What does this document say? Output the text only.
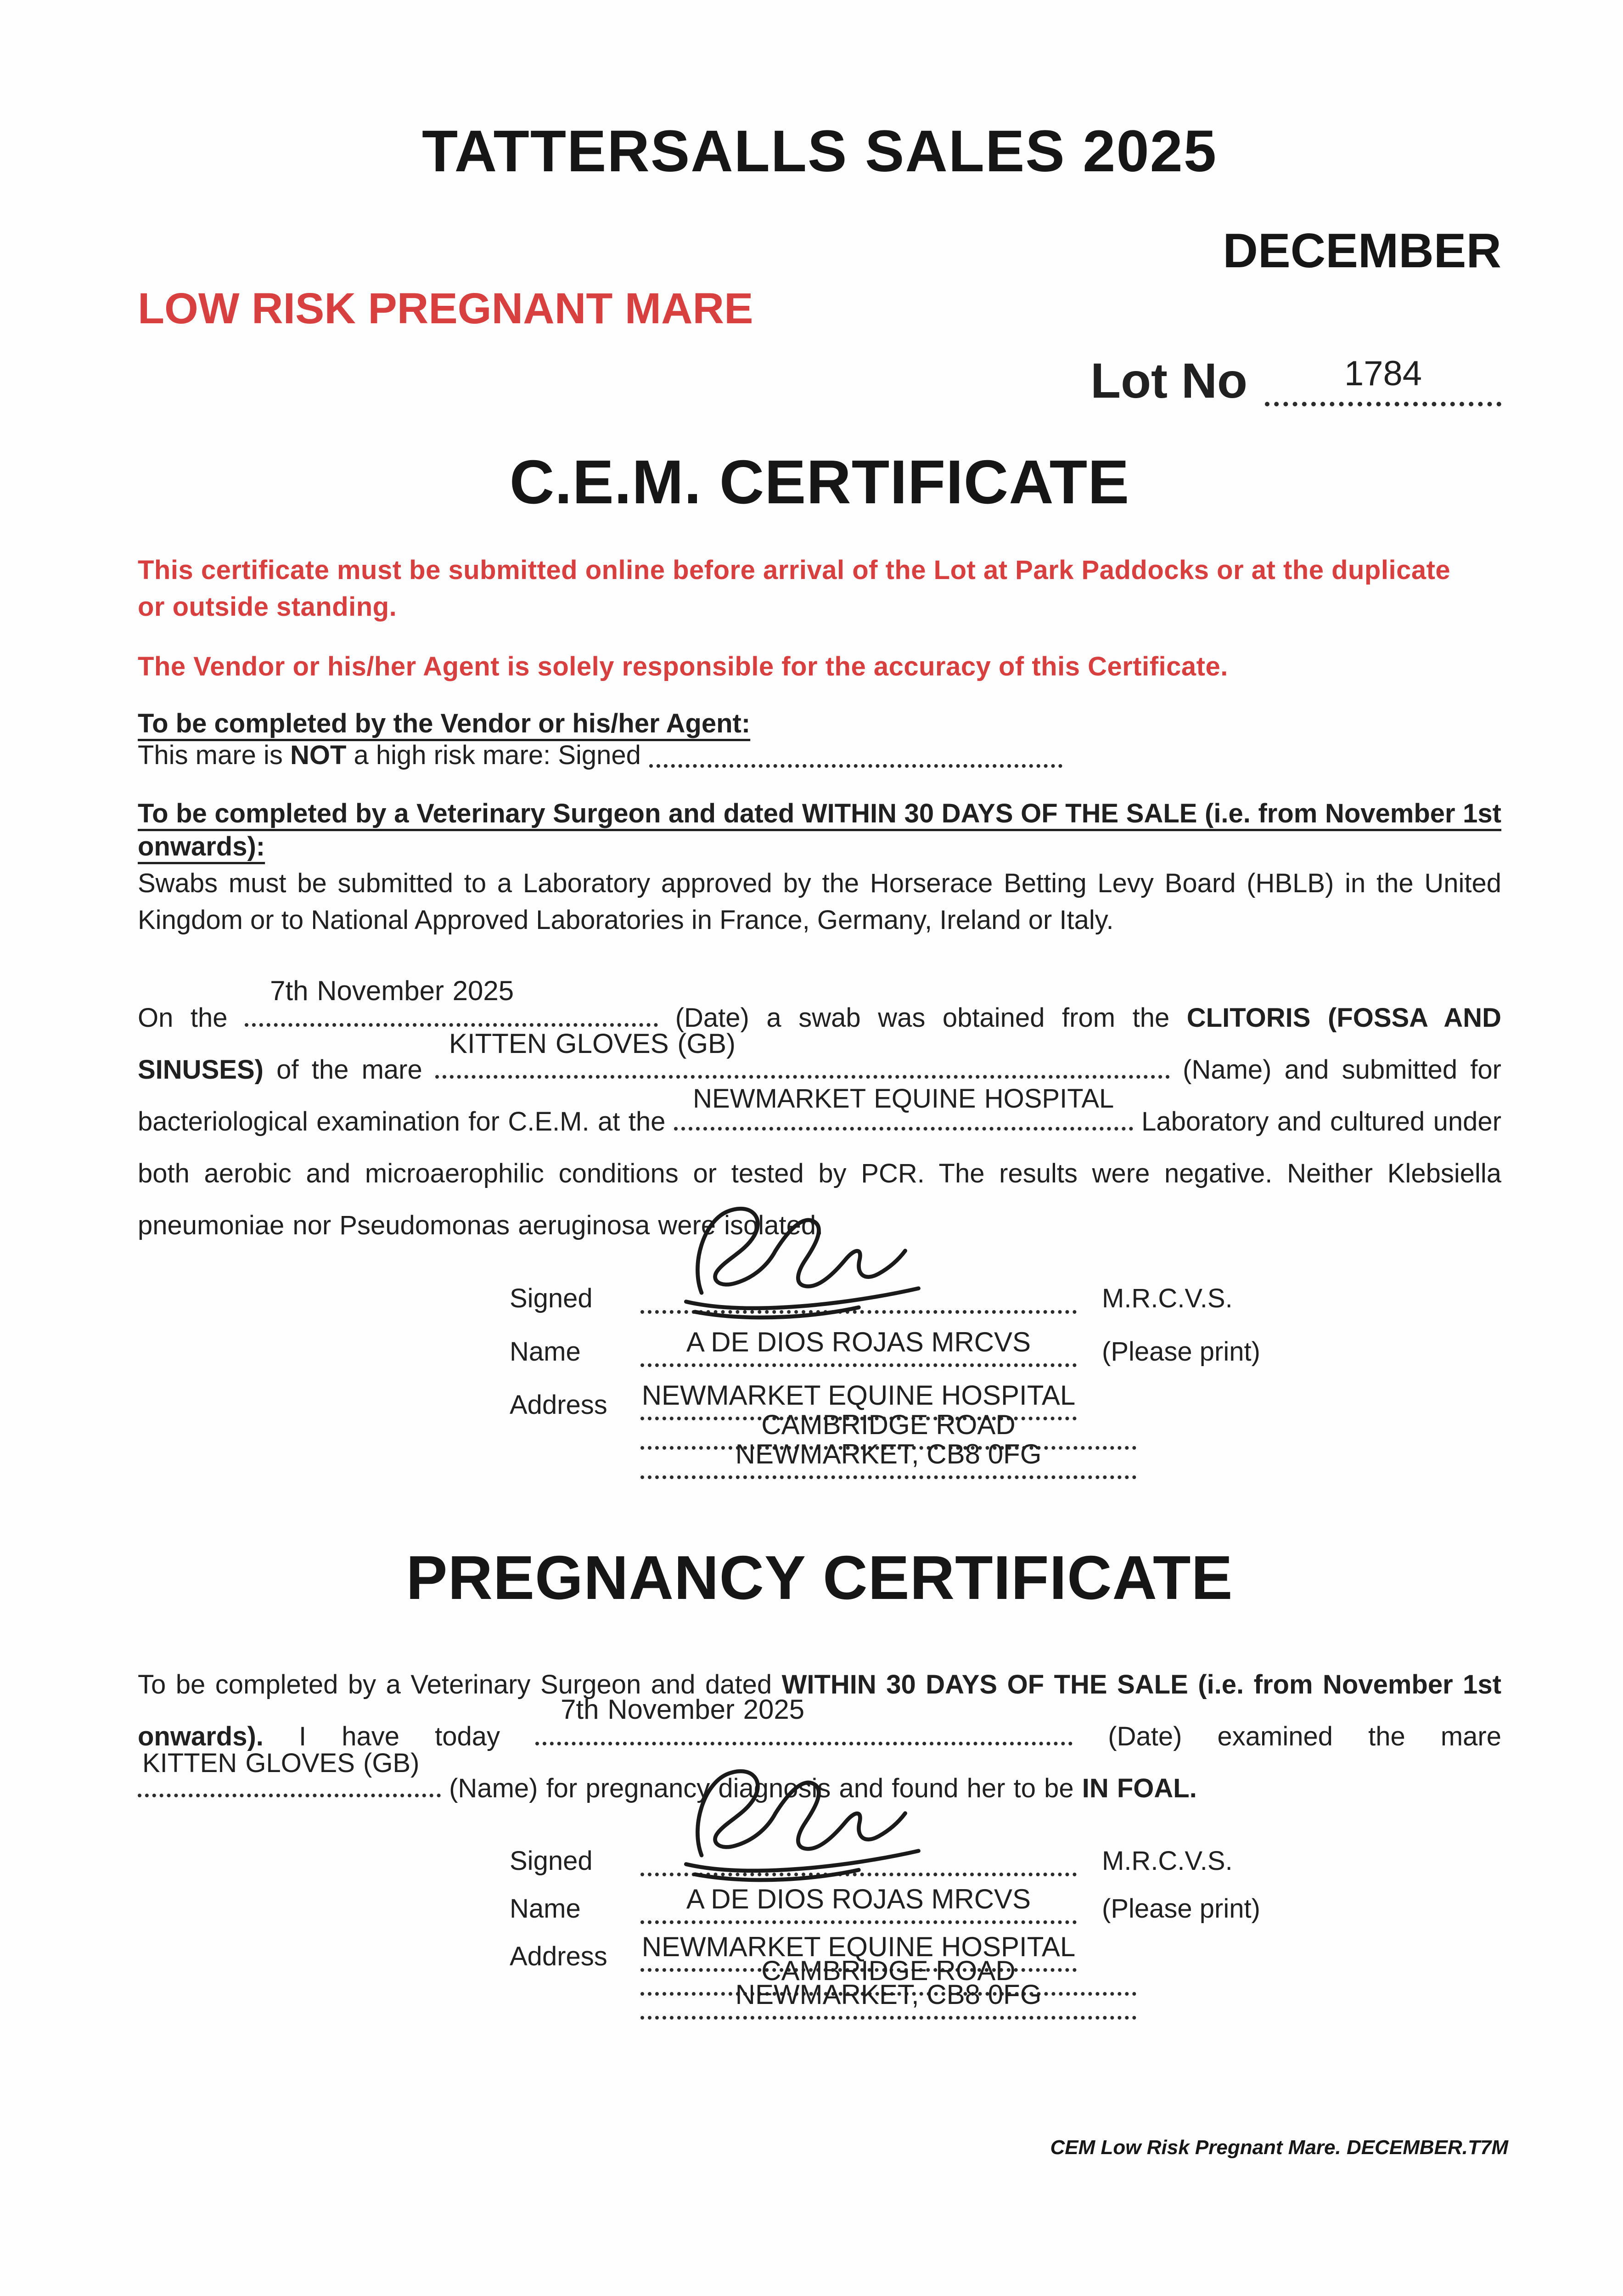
TATTERSALLS SALES 2025
DECEMBER
LOW RISK PREGNANT MARE
Lot No	1784
C.E.M. CERTIFICATE
This certificate must be submitted online before arrival of the Lot at Park Paddocks or at the duplicate or outside standing.
The Vendor or his/her Agent is solely responsible for the accuracy of this Certificate.
To be completed by the Vendor or his/her Agent:
This mare is NOT a high risk mare: Signed
To be completed by a Veterinary Surgeon and dated WITHIN 30 DAYS OF THE SALE (i.e. from November 1st onwards):
Swabs must be submitted to a Laboratory approved by the Horserace Betting Levy Board (HBLB) in the United Kingdom or to National Approved Laboratories in France, Germany, Ireland or Italy.
On the
7th November 2025
(Date) a swab was obtained from the CLITORIS (FOSSA AND SINUSES) of the mare
KITTEN GLOVES (GB)
(Name) and submitted for bacteriological examination for C.E.M. at the
NEWMARKET EQUINE HOSPITAL
Laboratory and cultured under both aerobic and microaerophilic conditions or tested by PCR. The results were negative. Neither Klebsiella pneumoniae nor Pseudomonas aeruginosa were isolated.
Signed	M.R.C.V.S.
Name	A DE DIOS ROJAS MRCVS	(Please print)
Address	NEWMARKET EQUINE HOSPITAL
CAMBRIDGE ROAD
NEWMARKET, CB8 0FG
PREGNANCY CERTIFICATE
To be completed by a Veterinary Surgeon and dated WITHIN 30 DAYS OF THE SALE (i.e. from November 1st onwards). I have today
7th November 2025
(Date) examined the mare
KITTEN GLOVES (GB)
(Name) for pregnancy diagnosis and found her to be IN FOAL.
Signed	M.R.C.V.S.
Name	A DE DIOS ROJAS MRCVS	(Please print)
Address	NEWMARKET EQUINE HOSPITAL
CAMBRIDGE ROAD
NEWMARKET, CB8 0FG
CEM Low Risk Pregnant Mare. DECEMBER.T7M
